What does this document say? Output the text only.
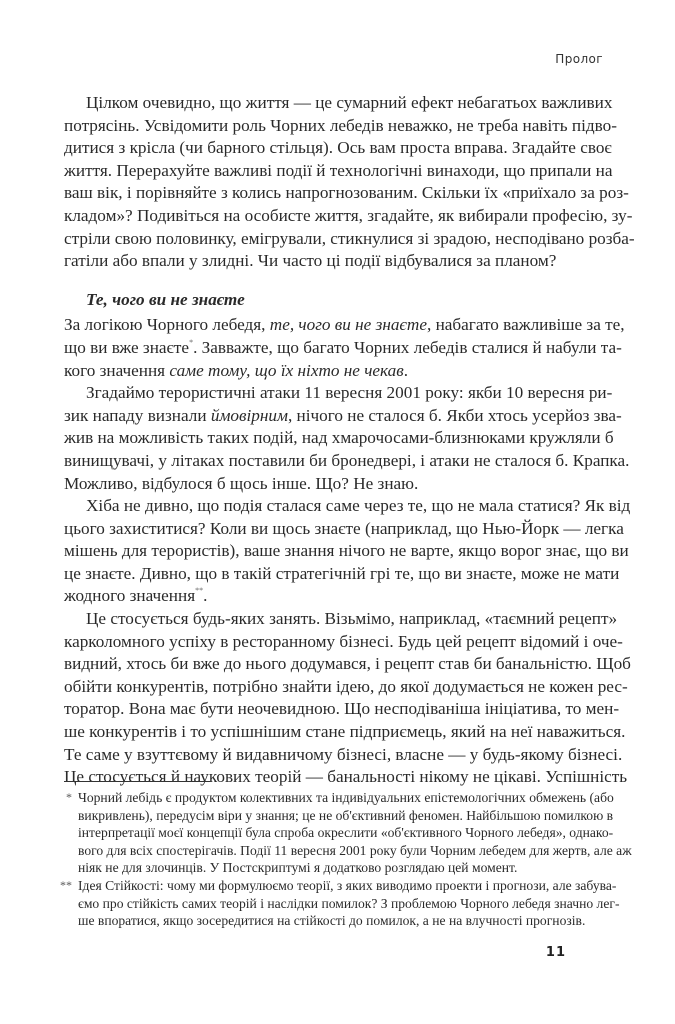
Пролог
Цілком очевидно, що життя — це сумарний ефект небагатьох важливих
потрясінь. Усвідомити роль Чорних лебедів неважко, не треба навіть підво-
дитися з крісла (чи барного стільця). Ось вам проста вправа. Згадайте своє
життя. Перерахуйте важливі події й технологічні винаходи, що припали на
ваш вік, і порівняйте з колись напрогнозованим. Скільки їх «приїхало за роз-
кладом»? Подивіться на особисте життя, згадайте, як вибирали професію, зу-
стріли свою половинку, емігрували, стикнулися зі зрадою, несподівано розба-
гатіли або впали у злидні. Чи часто ці події відбувалися за планом?
Те, чого ви не знаєте
За логікою Чорного лебедя, те, чого ви не знаєте, набагато важливіше за те,
що ви вже знаєте*. Завважте, що багато Чорних лебедів сталися й набули та-
кого значення саме тому, що їх ніхто не чекав.
Згадаймо терористичні атаки 11 вересня 2001 року: якби 10 вересня ри-
зик нападу визнали ймовірним, нічого не сталося б. Якби хтось усерйоз зва-
жив на можливість таких подій, над хмарочосами-близнюками кружляли б
винищувачі, у літаках поставили би бронедвері, і атаки не сталося б. Крапка.
Можливо, відбулося б щось інше. Що? Не знаю.
Хіба не дивно, що подія сталася саме через те, що не мала статися? Як від
цього захиститися? Коли ви щось знаєте (наприклад, що Нью-Йорк — легка
мішень для терористів), ваше знання нічого не варте, якщо ворог знає, що ви
це знаєте. Дивно, що в такій стратегічній грі те, що ви знаєте, може не мати
жодного значення**.
Це стосується будь-яких занять. Візьмімо, наприклад, «таємний рецепт»
карколомного успіху в ресторанному бізнесі. Будь цей рецепт відомий і оче-
видний, хтось би вже до нього додумався, і рецепт став би банальністю. Щоб
обійти конкурентів, потрібно знайти ідею, до якої додумається не кожен рес-
торатор. Вона має бути неочевидною. Що несподіваніша ініціатива, то мен-
ше конкурентів і то успішнішим стане підприємець, який на неї наважиться.
Те саме у взуттєвому й видавничому бізнесі, власне — у будь-якому бізнесі.
Це стосується й наукових теорій — банальності нікому не цікаві. Успішність
* Чорний лебідь є продуктом колективних та індивідуальних епістемологічних обмежень (або
викривлень), передусім віри у знання; це не об'єктивний феномен. Найбільшою помилкою в
інтерпретації моєї концепції була спроба окреслити «об'єктивного Чорного лебедя», однако-
вого для всіх спостерігачів. Події 11 вересня 2001 року були Чорним лебедем для жертв, але аж
ніяк не для злочинців. У Постскриптумі я додатково розглядаю цей момент.
** Ідея Стійкості: чому ми формулюємо теорії, з яких виводимо проекти і прогнози, але забува-
ємо про стійкість самих теорій і наслідки помилок? З проблемою Чорного лебедя значно лег-
ше впоратися, якщо зосередитися на стійкості до помилок, а не на влучності прогнозів.
11
